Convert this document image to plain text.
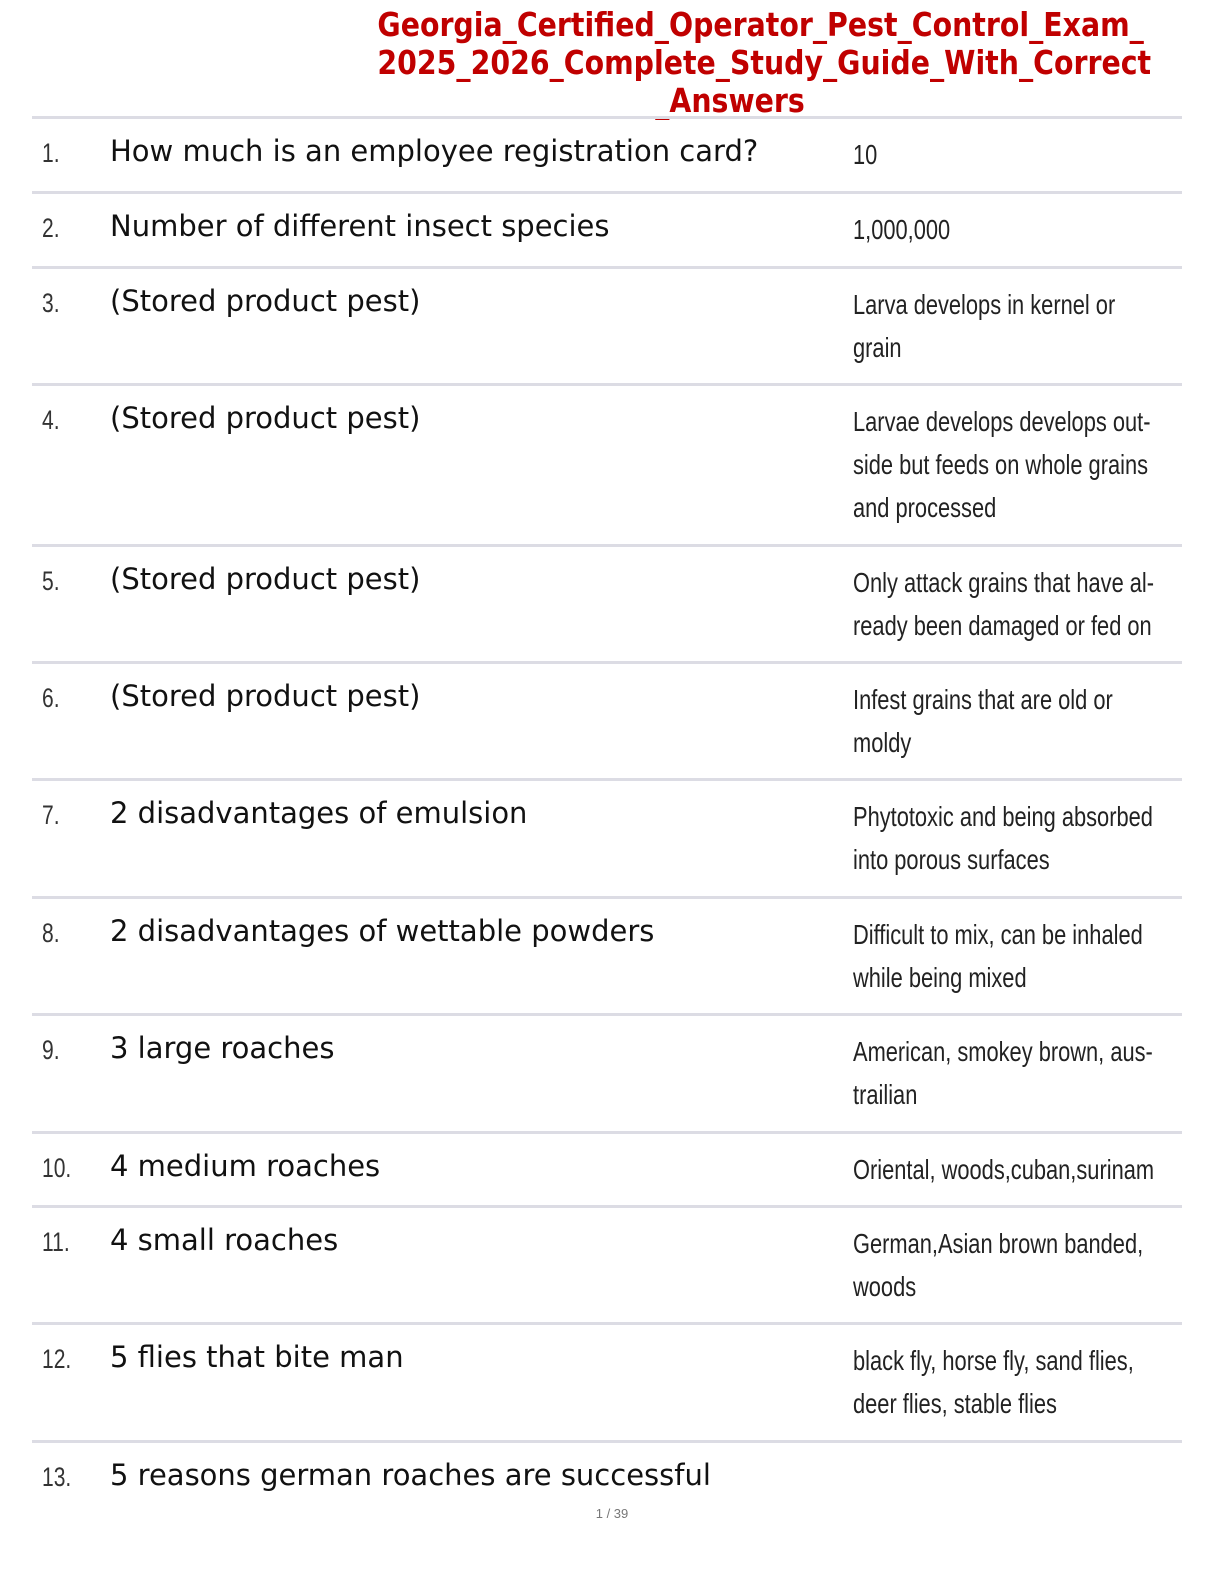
Georgia_Certified_Operator_Pest_Control_Exam_
2025_2026_Complete_Study_Guide_With_Correct
_Answers
1. How much is an employee registration card?	10
2. Number of different insect species	1,000,000
3. (Stored product pest)	Larva develops in kernel or
grain
4. (Stored product pest)	Larvae develops develops out-
side but feeds on whole grains
and processed
5. (Stored product pest)	Only attack grains that have al-
ready been damaged or fed on
6. (Stored product pest)	Infest grains that are old or
moldy
7. 2 disadvantages of emulsion	Phytotoxic and being absorbed
into porous surfaces
8. 2 disadvantages of wettable powders	Difficult to mix, can be inhaled
while being mixed
9. 3 large roaches	American, smokey brown, aus-
trailian
10. 4 medium roaches	Oriental, woods,cuban,surinam
11. 4 small roaches	German,Asian brown banded,
woods
12. 5 flies that bite man	black fly, horse fly, sand flies,
deer flies, stable flies
13. 5 reasons german roaches are successful
1 / 39
